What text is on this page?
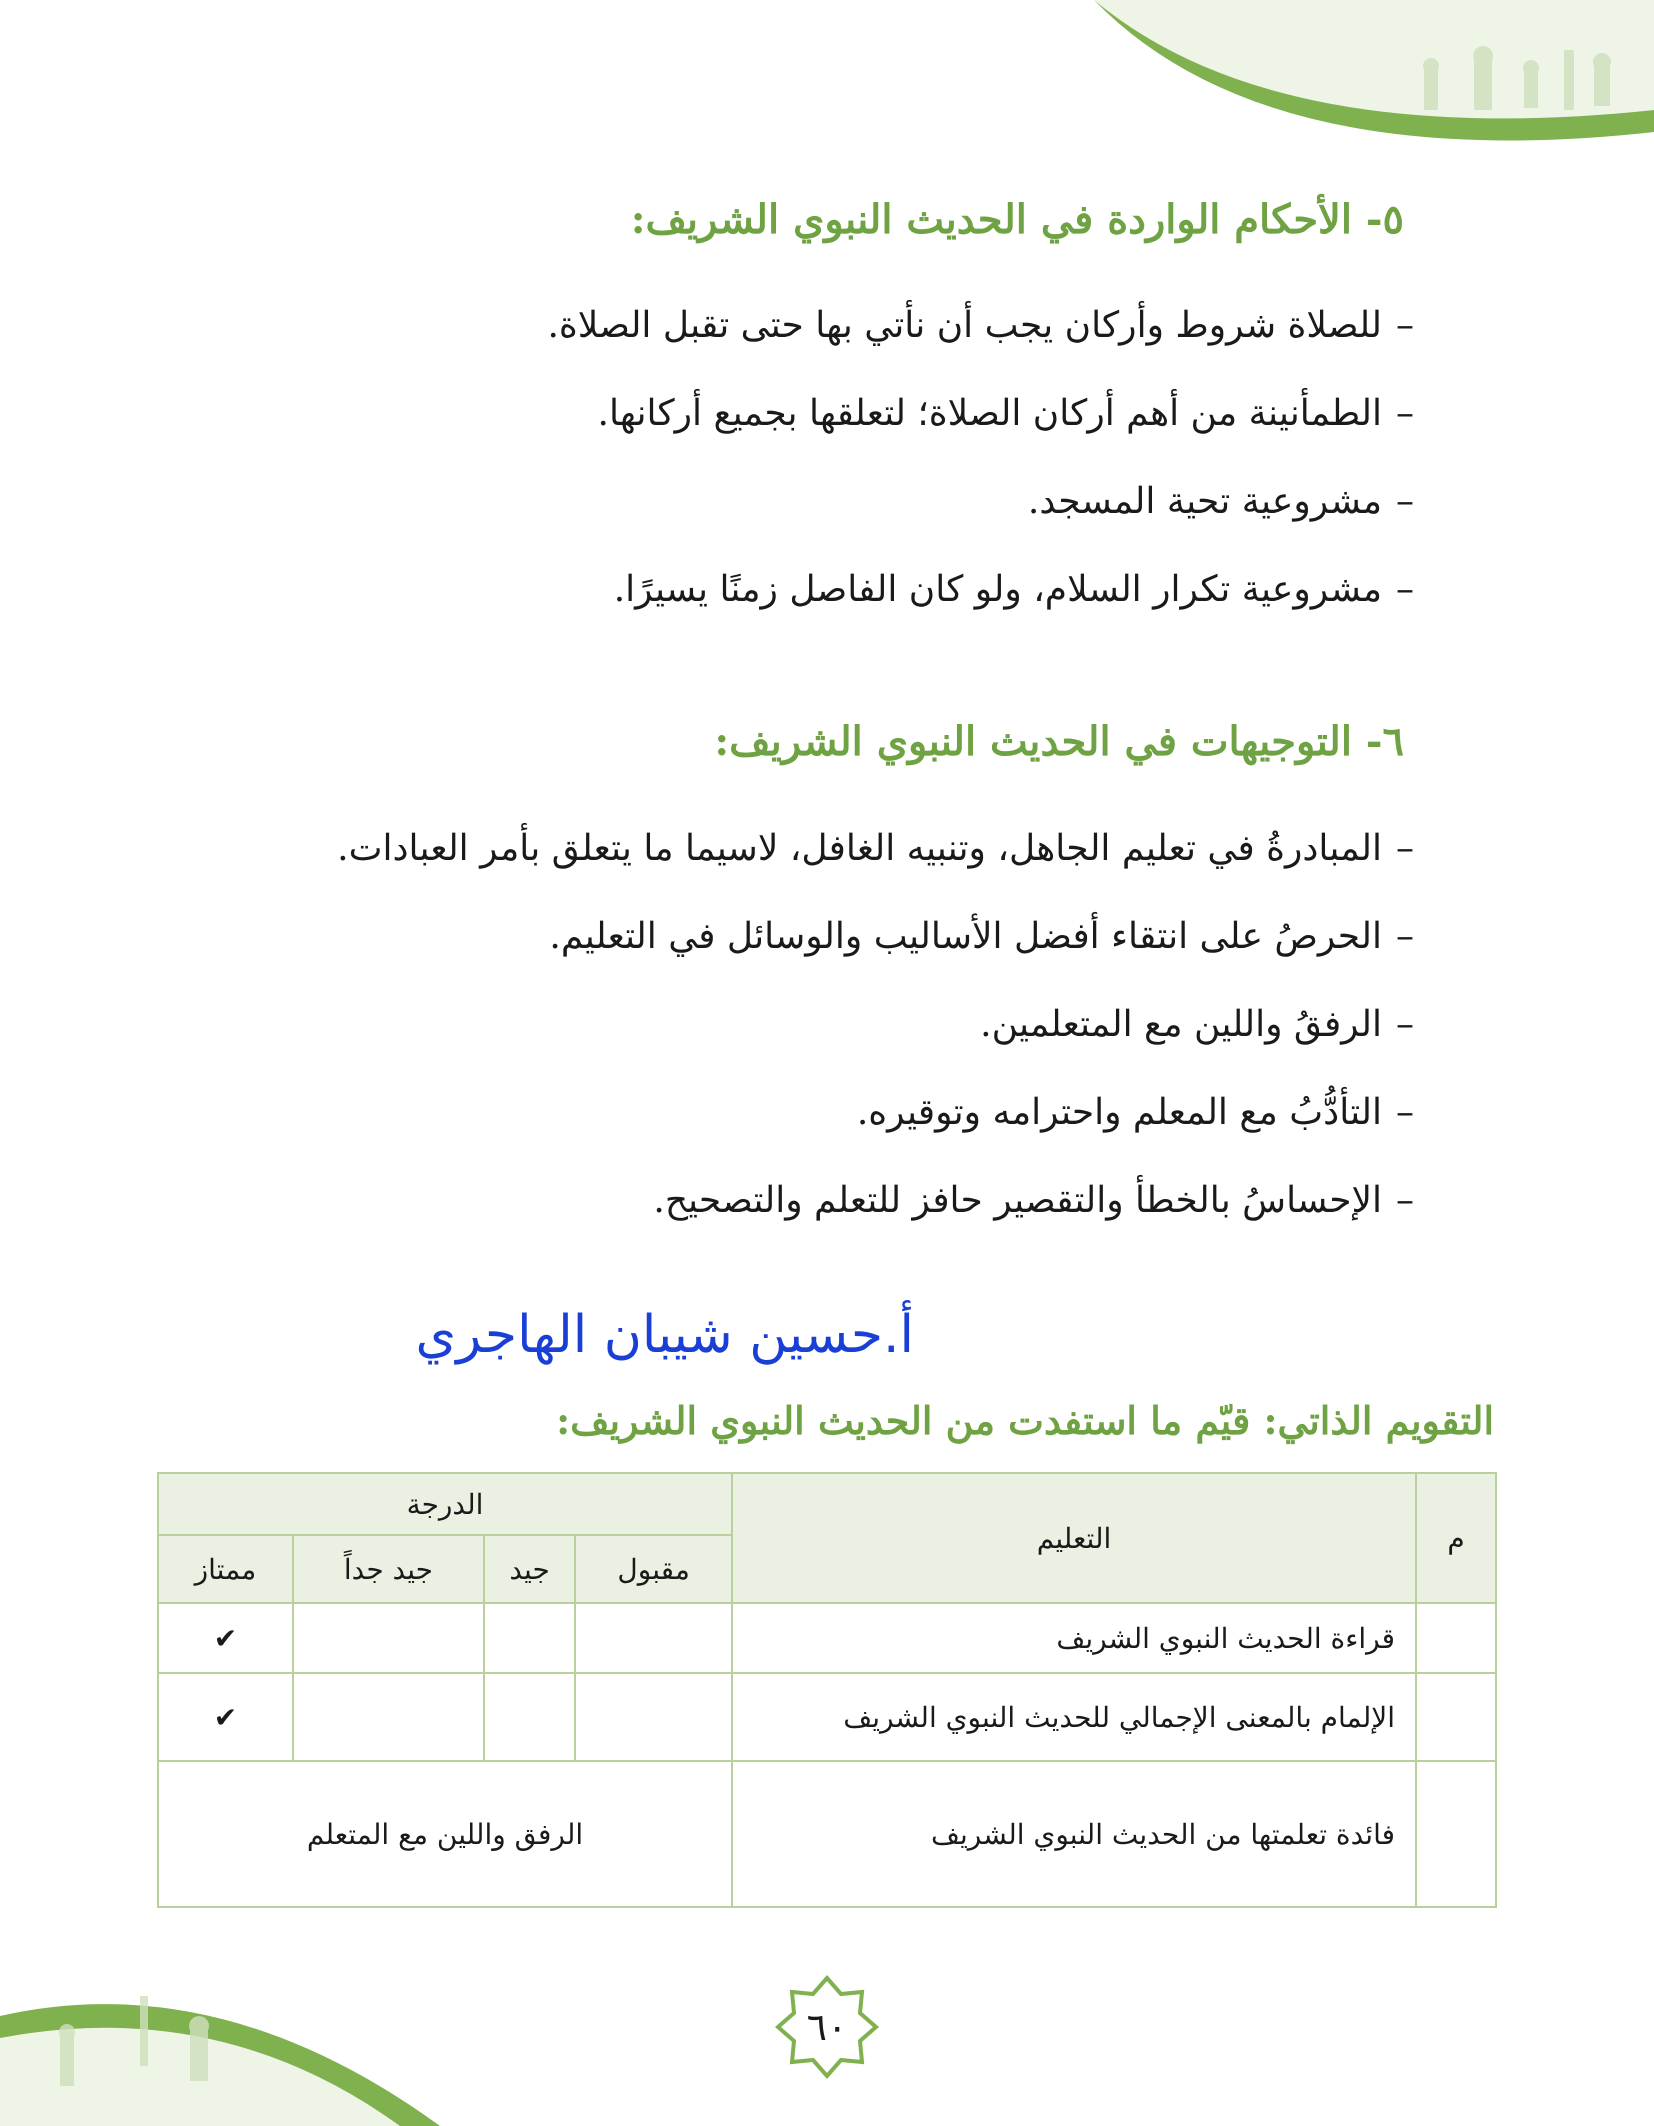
٥- الأحكام الواردة في الحديث النبوي الشريف:
–للصلاة شروط وأركان يجب أن نأتي بها حتى تقبل الصلاة.
–الطمأنينة من أهم أركان الصلاة؛ لتعلقها بجميع أركانها.
–مشروعية تحية المسجد.
–مشروعية تكرار السلام، ولو كان الفاصل زمنًا يسيرًا.
٦- التوجيهات في الحديث النبوي الشريف:
–المبادرةُ في تعليم الجاهل، وتنبيه الغافل، لاسيما ما يتعلق بأمر العبادات.
–الحرصُ على انتقاء أفضل الأساليب والوسائل في التعليم.
–الرفقُ واللين مع المتعلمين.
–التأدُّبُ مع المعلم واحترامه وتوقيره.
–الإحساسُ بالخطأ والتقصير حافز للتعلم والتصحيح.
أ.حسين شيبان الهاجري
التقويم الذاتي: قيّم ما استفدت من الحديث النبوي الشريف:
م	التعليم	الدرجة			
		مقبول	جيد	جيد جداً	ممتاز
	قراءة الحديث النبوي الشريف				✔
	الإلمام بالمعنى الإجمالي للحديث النبوي الشريف				✔
	فائدة تعلمتها من الحديث النبوي الشريف	الرفق واللين مع المتعلم			
٦٠
